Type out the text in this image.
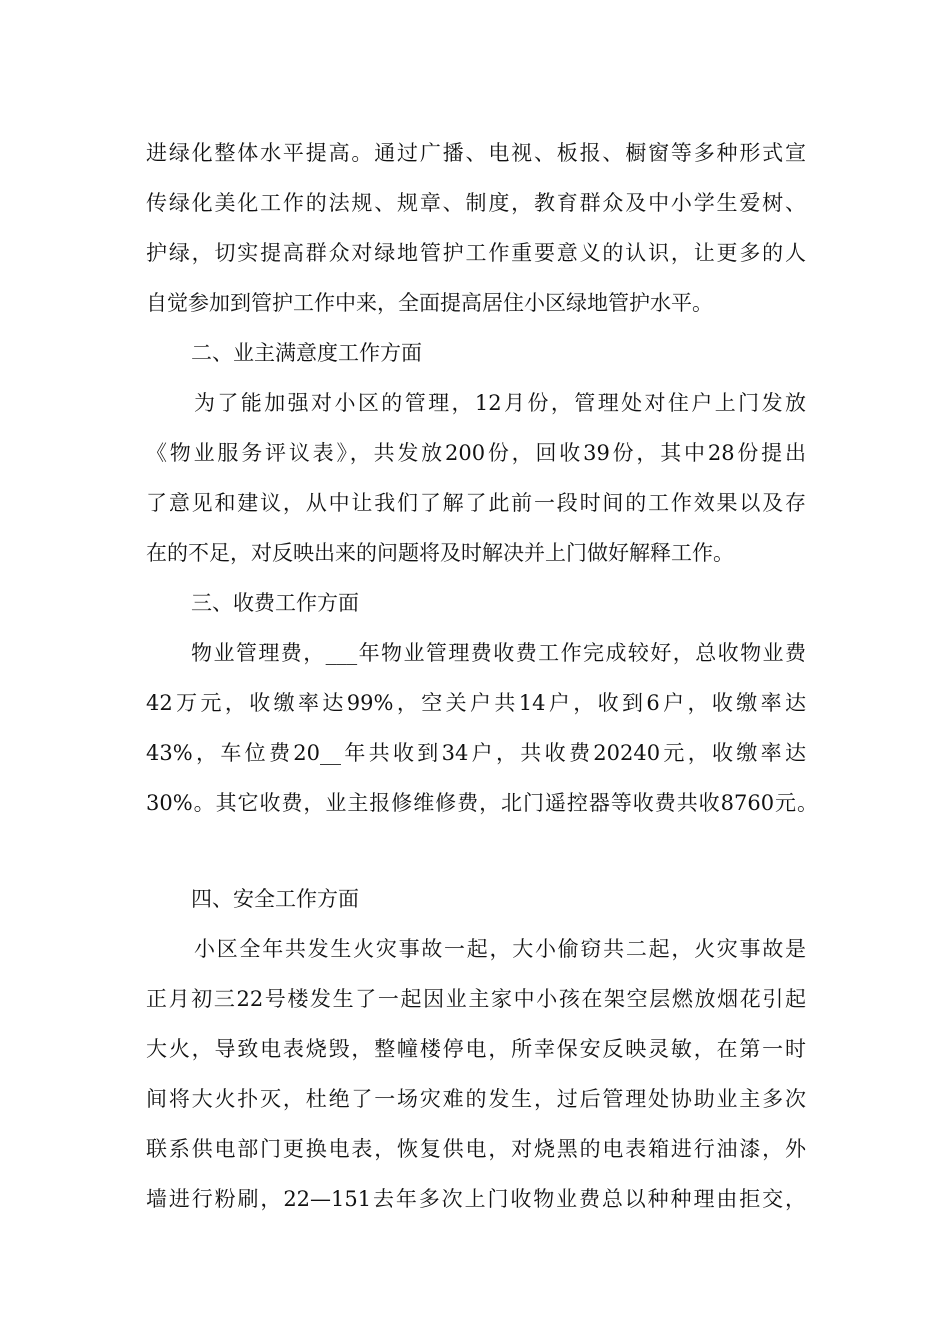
进绿化整体水平提高。通过广播、电视、板报、橱窗等多种形式宣
传绿化美化工作的法规、规章、制度，教育群众及中小学生爱树、
护绿，切实提高群众对绿地管护工作重要意义的认识，让更多的人
自觉参加到管护工作中来，全面提高居住小区绿地管护水平。
二、业主满意度工作方面
为了能加强对小区的管理，12月份，管理处对住户上门发放
《物业服务评议表》，共发放200份，回收39份，其中28份提出
了意见和建议，从中让我们了解了此前一段时间的工作效果以及存
在的不足，对反映出来的问题将及时解决并上门做好解释工作。
三、收费工作方面
物业管理费，___年物业管理费收费工作完成较好，总收物业费
42万元，收缴率达99%，空关户共14户，收到6户，收缴率达
43%，车位费20__年共收到34户，共收费20240元，收缴率达
30%。其它收费，业主报修维修费，北门遥控器等收费共收8760元。
四、安全工作方面
小区全年共发生火灾事故一起，大小偷窃共二起，火灾事故是
正月初三22号楼发生了一起因业主家中小孩在架空层燃放烟花引起
大火，导致电表烧毁，整幢楼停电，所幸保安反映灵敏，在第一时
间将大火扑灭，杜绝了一场灾难的发生，过后管理处协助业主多次
联系供电部门更换电表，恢复供电，对烧黑的电表箱进行油漆，外
墙进行粉刷，22—151去年多次上门收物业费总以种种理由拒交，
